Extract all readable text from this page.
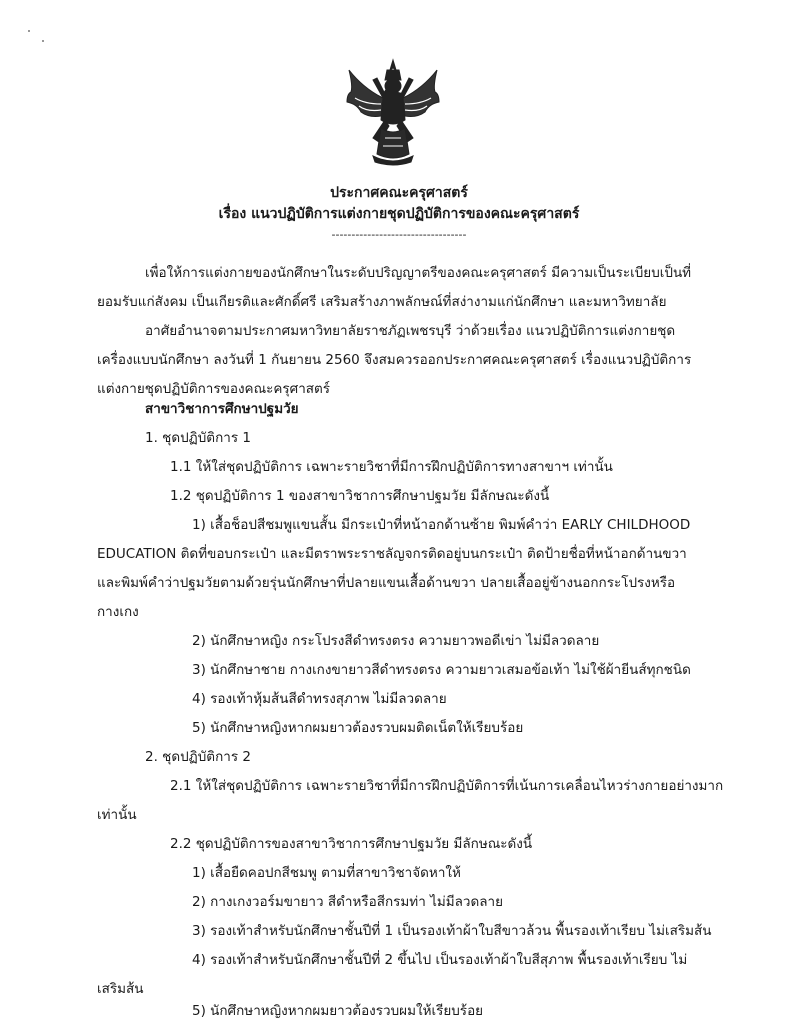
ประกาศคณะครุศาสตร์
เรื่อง แนวปฏิบัติการแต่งกายชุดปฏิบัติการของคณะครุศาสตร์
----------------------------------
เพื่อให้การแต่งกายของนักศึกษาในระดับปริญญาตรีของคณะครุศาสตร์ มีความเป็นระเบียบเป็นที่
ยอมรับแก่สังคม เป็นเกียรติและศักดิ์ศรี เสริมสร้างภาพลักษณ์ที่สง่างามแก่นักศึกษา และมหาวิทยาลัย
อาศัยอำนาจตามประกาศมหาวิทยาลัยราชภัฏเพชรบุรี ว่าด้วยเรื่อง แนวปฏิบัติการแต่งกายชุด
เครื่องแบบนักศึกษา ลงวันที่ 1 กันยายน 2560 จึงสมควรออกประกาศคณะครุศาสตร์ เรื่องแนวปฏิบัติการ
แต่งกายชุดปฏิบัติการของคณะครุศาสตร์
สาขาวิชาการศึกษาปฐมวัย
1. ชุดปฏิบัติการ 1
1.1 ให้ใส่ชุดปฏิบัติการ เฉพาะรายวิชาที่มีการฝึกปฏิบัติการทางสาขาฯ เท่านั้น
1.2 ชุดปฏิบัติการ 1 ของสาขาวิชาการศึกษาปฐมวัย มีลักษณะดังนี้
1) เสื้อช็อปสีชมพูแขนสั้น มีกระเป๋าที่หน้าอกด้านซ้าย พิมพ์คำว่า EARLY CHILDHOOD
EDUCATION ติดที่ขอบกระเป๋า และมีตราพระราชลัญจกรติดอยู่บนกระเป๋า ติดป้ายชื่อที่หน้าอกด้านขวา
และพิมพ์คำว่าปฐมวัยตามด้วยรุ่นนักศึกษาที่ปลายแขนเสื้อด้านขวา ปลายเสื้ออยู่ข้างนอกกระโปรงหรือ
กางเกง
2) นักศึกษาหญิง กระโปรงสีดำทรงตรง ความยาวพอดีเข่า ไม่มีลวดลาย
3) นักศึกษาชาย กางเกงขายาวสีดำทรงตรง ความยาวเสมอข้อเท้า ไม่ใช้ผ้ายีนส์ทุกชนิด
4) รองเท้าหุ้มส้นสีดำทรงสุภาพ ไม่มีลวดลาย
5) นักศึกษาหญิงหากผมยาวต้องรวบผมติดเน็ตให้เรียบร้อย
2. ชุดปฏิบัติการ 2
2.1 ให้ใส่ชุดปฏิบัติการ เฉพาะรายวิชาที่มีการฝึกปฏิบัติการที่เน้นการเคลื่อนไหวร่างกายอย่างมาก
เท่านั้น
2.2 ชุดปฏิบัติการของสาขาวิชาการศึกษาปฐมวัย มีลักษณะดังนี้
1) เสื้อยืดคอปกสีชมพู ตามที่สาขาวิชาจัดหาให้
2) กางเกงวอร์มขายาว สีดำหรือสีกรมท่า ไม่มีลวดลาย
3) รองเท้าสำหรับนักศึกษาชั้นปีที่ 1 เป็นรองเท้าผ้าใบสีขาวล้วน พื้นรองเท้าเรียบ ไม่เสริมส้น
4) รองเท้าสำหรับนักศึกษาชั้นปีที่ 2 ขึ้นไป เป็นรองเท้าผ้าใบสีสุภาพ พื้นรองเท้าเรียบ ไม่
เสริมส้น
5) นักศึกษาหญิงหากผมยาวต้องรวบผมให้เรียบร้อย
